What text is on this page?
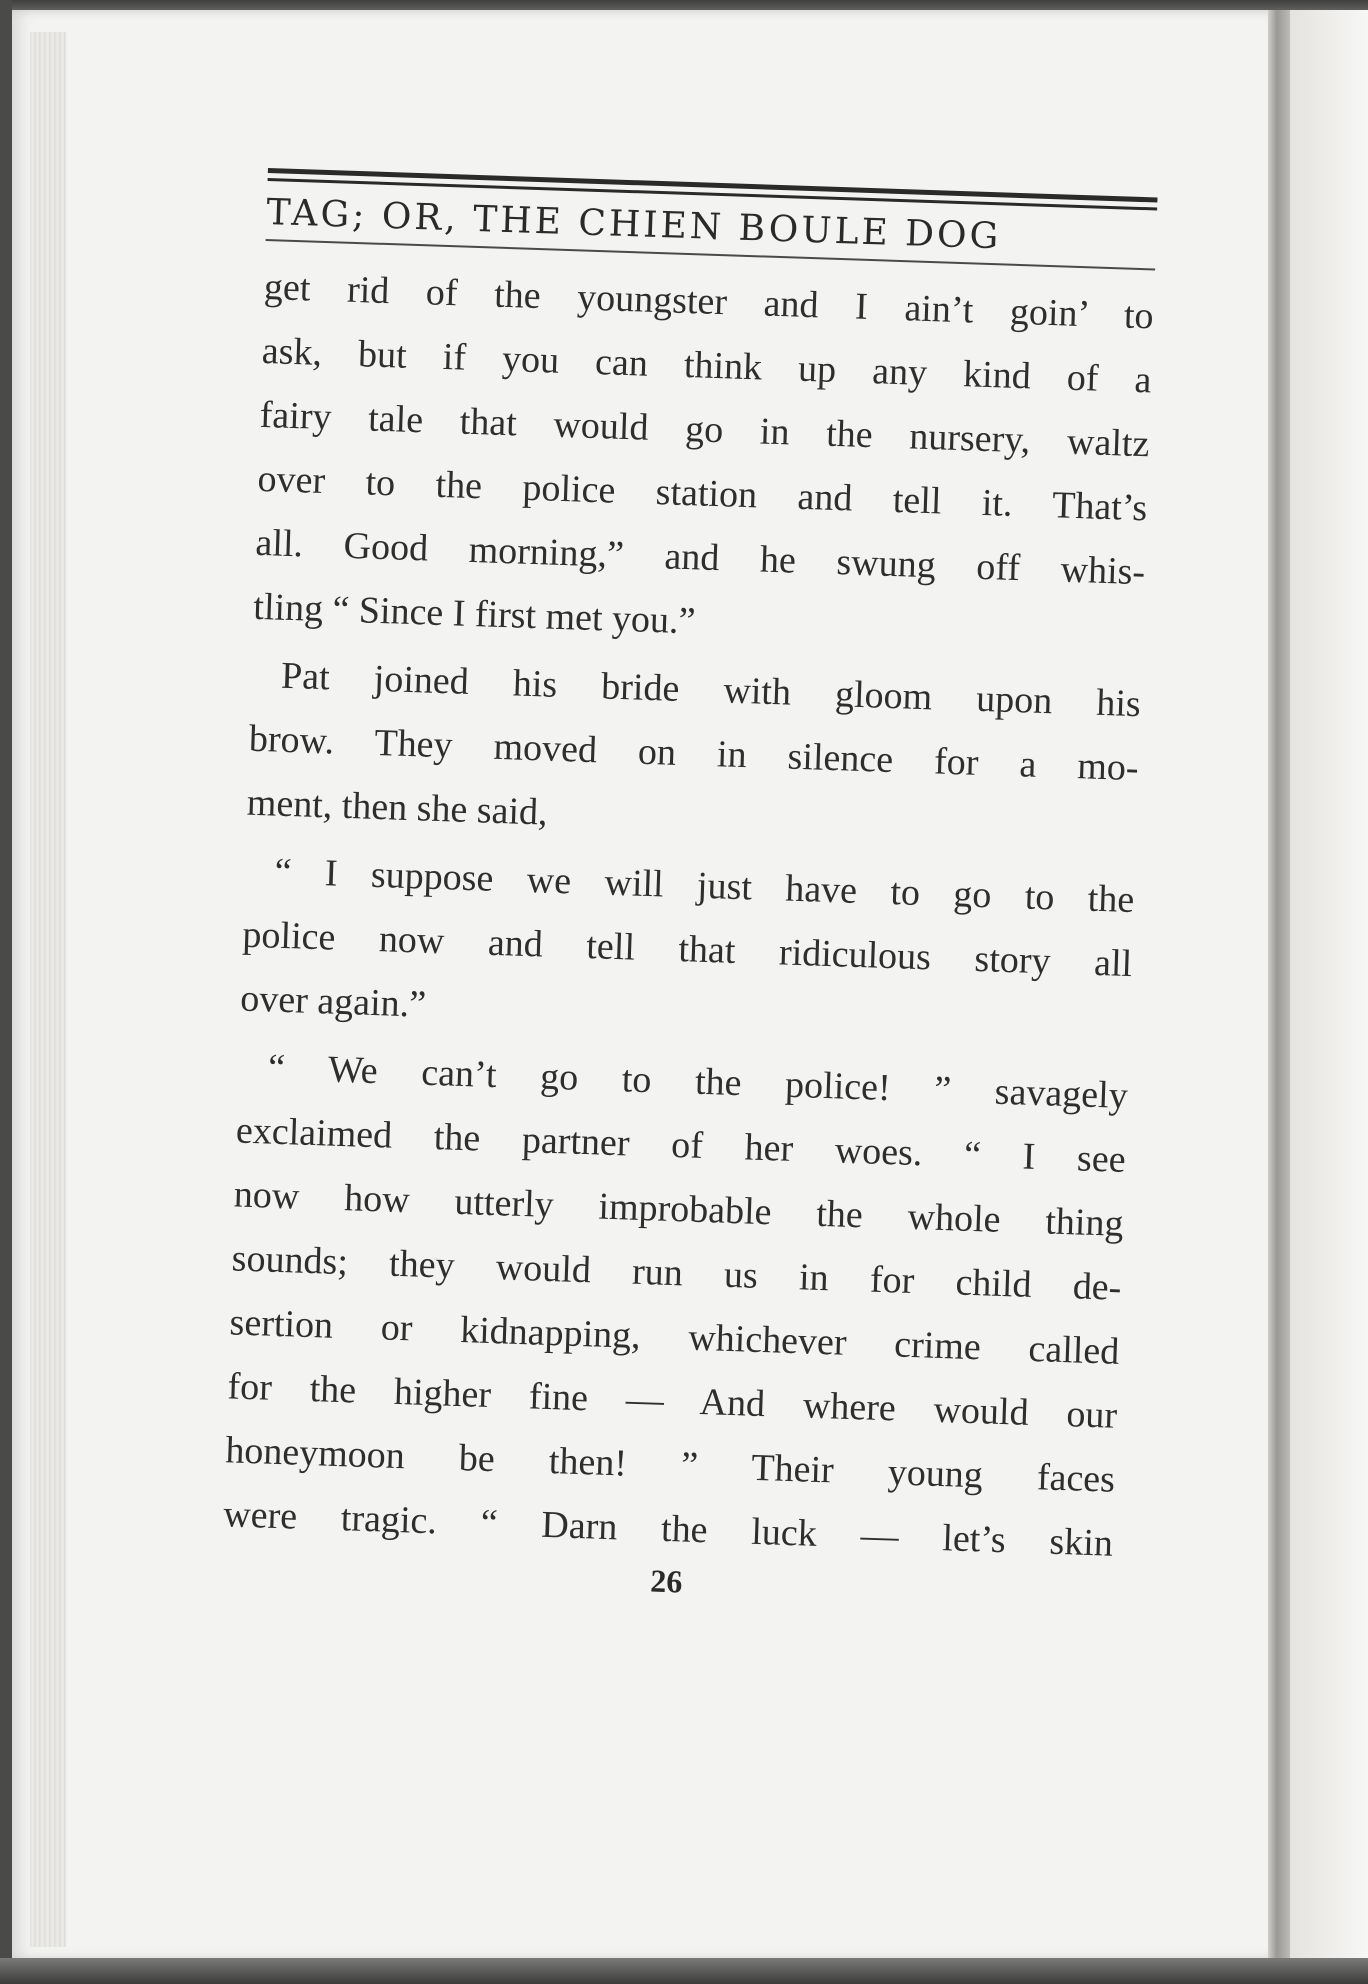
TAG; OR, THE CHIEN BOULE DOG

get rid of the youngster and I ain’t goin’ to
ask, but if you can think up any kind of a
fairy tale that would go in the nursery, waltz
over to the police station and tell it. That’s
all. Good morning,” and he swung off whis-
tling “ Since I first met you.”

Pat joined his bride with gloom upon his
brow. They moved on in silence for a mo-
ment, then she said,

“ I suppose we will just have to go to the
police now and tell that ridiculous story all
over again.”

“ We can’t go to the police! ” savagely
exclaimed the partner of her woes. “ I see
now how utterly improbable the whole thing
sounds; they would run us in for child de-
sertion or kidnapping, whichever crime called
for the higher fine — And where would our
honeymoon be then! ” Their young faces
were tragic. “ Darn the luck — let’s skin

26
